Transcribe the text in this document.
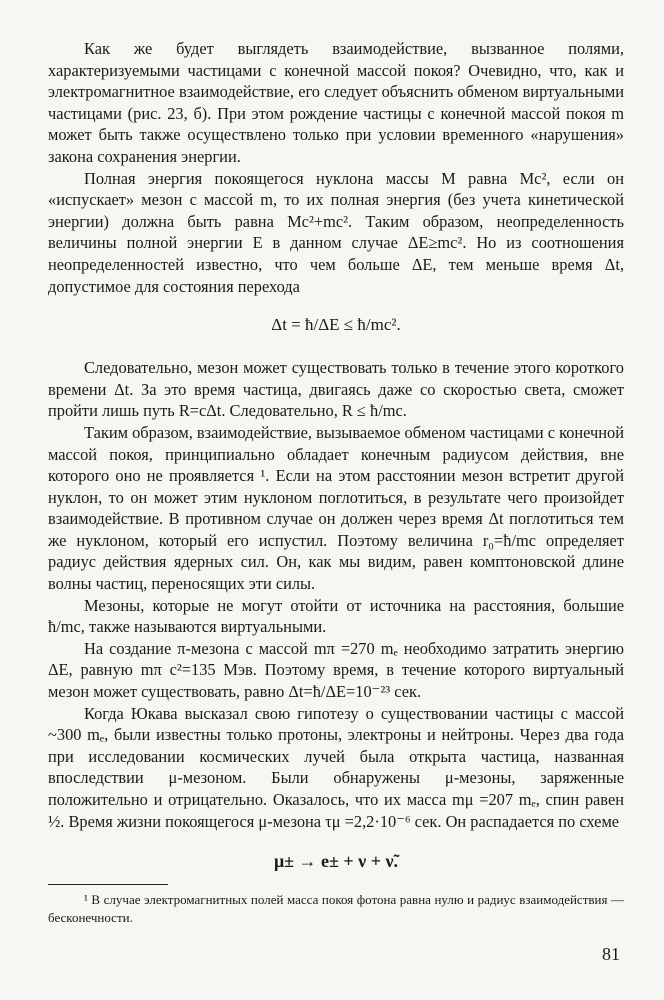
Как же будет выглядеть взаимодействие, вызванное полями, характеризуемыми частицами с конечной массой покоя? Очевидно, что, как и электромагнитное взаимодействие, его следует объяснить обменом виртуальными частицами (рис. 23, б). При этом рождение частицы с конечной массой покоя m может быть также осуществлено только при условии временного «нарушения» закона сохранения энергии.

Полная энергия покоящегося нуклона массы M равна Mc², если он «испускает» мезон с массой m, то их полная энергия (без учета кинетической энергии) должна быть равна Mc²+mc². Таким образом, неопределенность величины полной энергии E в данном случае ΔE≥mc². Но из соотношения неопределенностей известно, что чем больше ΔE, тем меньше время Δt, допустимое для состояния перехода

Δt = ħ/ΔE ≤ ħ/mc².

Следовательно, мезон может существовать только в течение этого короткого времени Δt. За это время частица, двигаясь даже со скоростью света, сможет пройти лишь путь R=cΔt. Следовательно, R ≤ ħ/mc.

Таким образом, взаимодействие, вызываемое обменом частицами с конечной массой покоя, принципиально обладает конечным радиусом действия, вне которого оно не проявляется ¹. Если на этом расстоянии мезон встретит другой нуклон, то он может этим нуклоном поглотиться, в результате чего произойдет взаимодействие. В противном случае он должен через время Δt поглотиться тем же нуклоном, который его испустил. Поэтому величина r₀=ħ/mc определяет радиус действия ядерных сил. Он, как мы видим, равен комптоновской длине волны частиц, переносящих эти силы.

Мезоны, которые не могут отойти от источника на расстояния, большие ħ/mc, также называются виртуальными.

На создание π-мезона с массой mπ =270 mₑ необходимо затратить энергию ΔE, равную mπ c²=135 Мэв. Поэтому время, в течение которого виртуальный мезон может существовать, равно Δt=ħ/ΔE=10⁻²³ сек.

Когда Юкава высказал свою гипотезу о существовании частицы с массой ~300 mₑ, были известны только протоны, электроны и нейтроны. Через два года при исследовании космических лучей была открыта частица, названная впоследствии μ-мезоном. Были обнаружены μ-мезоны, заряженные положительно и отрицательно. Оказалось, что их масса mμ =207 mₑ, спин равен ½. Время жизни покоящегося μ-мезона τμ =2,2·10⁻⁶ сек. Он распадается по схеме

μ± → e± + ν + ν̃.

¹ В случае электромагнитных полей масса покоя фотона равна нулю и радиус взаимодействия — бесконечности.

81
